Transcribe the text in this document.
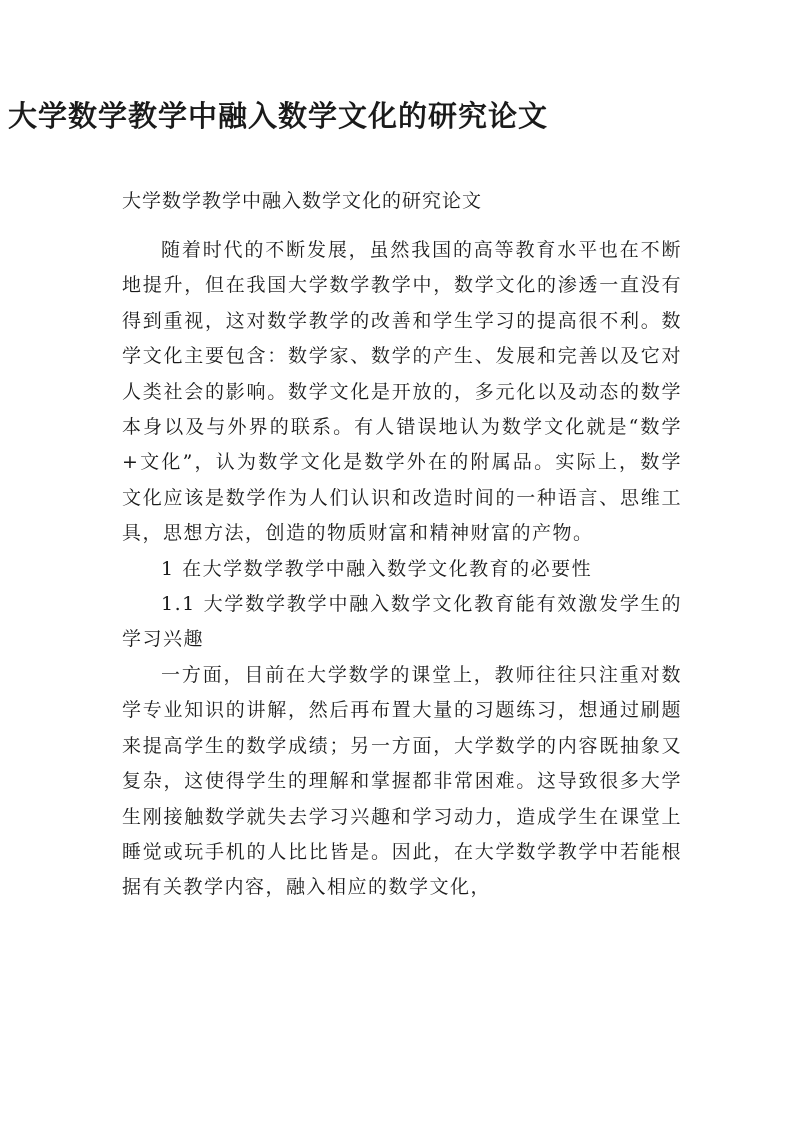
大学数学教学中融入数学文化的研究论文

大学数学教学中融入数学文化的研究论文

随着时代的不断发展，虽然我国的高等教育水平也在不断地提升，但在我国大学数学教学中，数学文化的渗透一直没有得到重视，这对数学教学的改善和学生学习的提高很不利。数学文化主要包含：数学家、数学的产生、发展和完善以及它对人类社会的影响。数学文化是开放的，多元化以及动态的数学本身以及与外界的联系。有人错误地认为数学文化就是“数学+文化”，认为数学文化是数学外在的附属品。实际上，数学文化应该是数学作为人们认识和改造时间的一种语言、思维工具，思想方法，创造的物质财富和精神财富的产物。

1 在大学数学教学中融入数学文化教育的必要性

1.1 大学数学教学中融入数学文化教育能有效激发学生的学习兴趣

一方面，目前在大学数学的课堂上，教师往往只注重对数学专业知识的讲解，然后再布置大量的习题练习，想通过刷题来提高学生的数学成绩；另一方面，大学数学的内容既抽象又复杂，这使得学生的理解和掌握都非常困难。这导致很多大学生刚接触数学就失去学习兴趣和学习动力，造成学生在课堂上睡觉或玩手机的人比比皆是。因此，在大学数学教学中若能根据有关教学内容，融入相应的数学文化，
